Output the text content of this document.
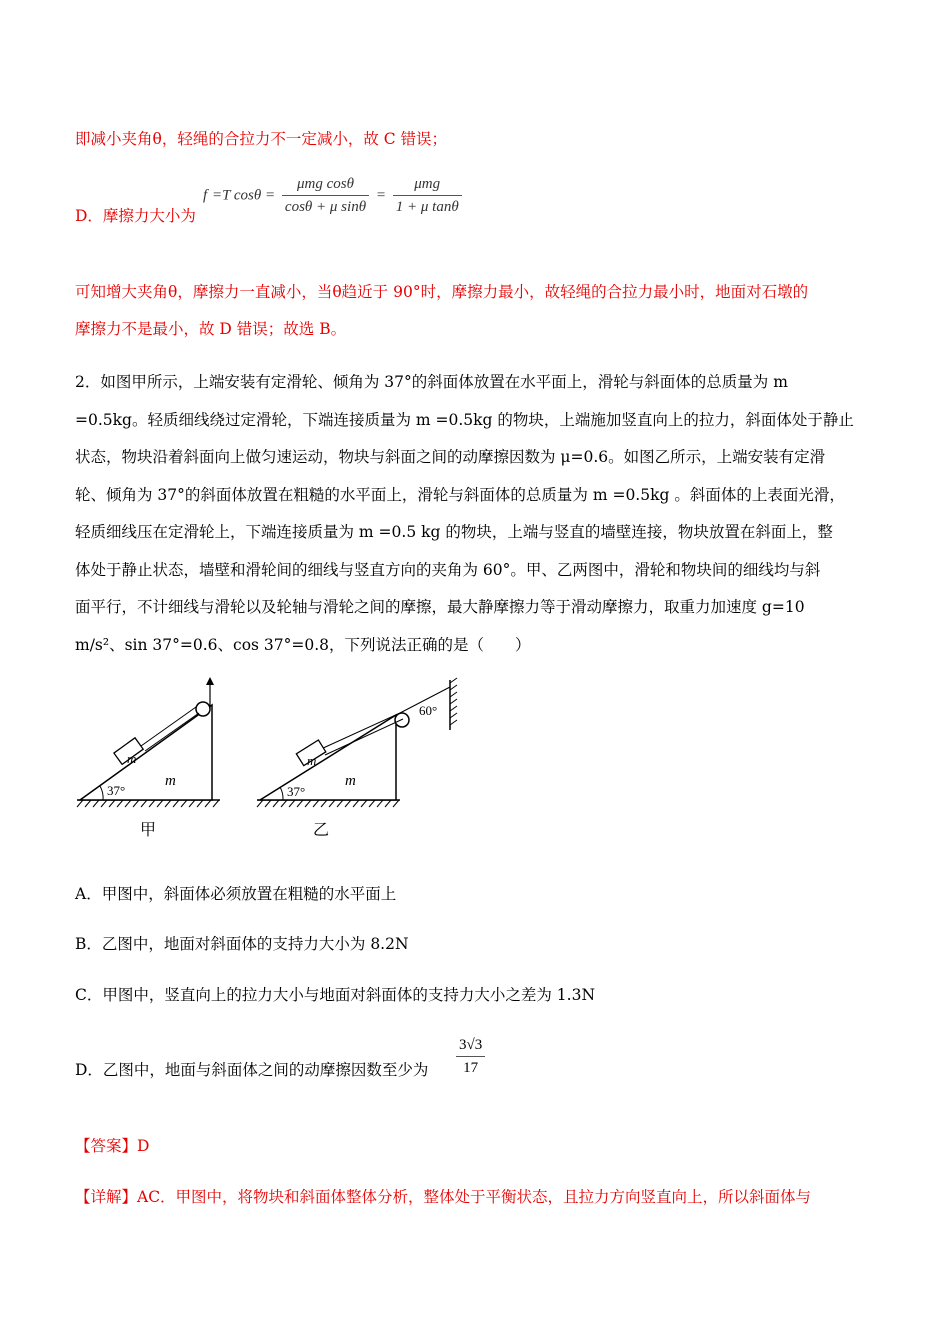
即减小夹角θ，轻绳的合拉力不一定减小，故 C 错误；
D．摩擦力大小为
f =T $\cos\theta = \frac{\text{μmg cosθ}}{\text{cosθ + μ sinθ}} = \frac{\text{μmg}}{\text{1 + μ tanθ}}$
可知增大夹角θ，摩擦力一直减小，当θ趋近于 90°时，摩擦力最小，故轻绳的合拉力最小时，地面对石墩的
摩擦力不是最小，故 D 错误；故选 B。
2．如图甲所示，上端安装有定滑轮、倾角为 37°的斜面体放置在水平面上，滑轮与斜面体的总质量为 m
=0.5kg。轻质细线绕过定滑轮，下端连接质量为 m =0.5kg 的物块，上端施加竖直向上的拉力，斜面体处于静止
状态，物块沿着斜面向上做匀速运动，物块与斜面之间的动摩擦因数为 μ=0.6。如图乙所示，上端安装有定滑
轮、倾角为 37°的斜面体放置在粗糙的水平面上，滑轮与斜面体的总质量为 m =0.5kg 。斜面体的上表面光滑，
轻质细线压在定滑轮上，下端连接质量为 m =0.5 kg 的物块，上端与竖直的墙壁连接，物块放置在斜面上，整
体处于静止状态，墙壁和滑轮间的细线与竖直方向的夹角为 60°。甲、乙两图中，滑轮和物块间的细线均与斜
面平行，不计细线与滑轮以及轮轴与滑轮之间的摩擦，最大静摩擦力等于滑动摩擦力，取重力加速度 g=10
m/s²、sin 37°=0.6、cos 37°=0.8，下列说法正确的是（　　）
m
m
37°
甲
60°
m
m
37°
乙
A．甲图中，斜面体必须放置在粗糙的水平面上
B．乙图中，地面对斜面体的支持力大小为 8.2N
C．甲图中，竖直向上的拉力大小与地面对斜面体的支持力大小之差为 1.3N
D．乙图中，地面与斜面体之间的动摩擦因数至少为 $\frac{3√3}{17}$
【答案】D
【详解】AC．甲图中，将物块和斜面体整体分析，整体处于平衡状态，且拉力方向竖直向上，所以斜面体与
